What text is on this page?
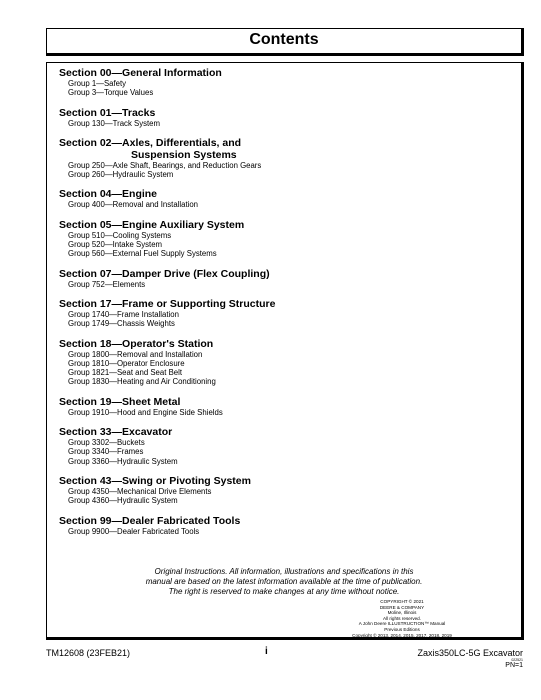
Contents
Section 00—General Information
Group 1—Safety
Group 3—Torque Values
Section 01—Tracks
Group 130—Track System
Section 02—Axles, Differentials, and
Suspension Systems
Group 250—Axle Shaft, Bearings, and Reduction Gears
Group 260—Hydraulic System
Section 04—Engine
Group 400—Removal and Installation
Section 05—Engine Auxiliary System
Group 510—Cooling Systems
Group 520—Intake System
Group 560—External Fuel Supply Systems
Section 07—Damper Drive (Flex Coupling)
Group 752—Elements
Section 17—Frame or Supporting Structure
Group 1740—Frame Installation
Group 1749—Chassis Weights
Section 18—Operator's Station
Group 1800—Removal and Installation
Group 1810—Operator Enclosure
Group 1821—Seat and Seat Belt
Group 1830—Heating and Air Conditioning
Section 19—Sheet Metal
Group 1910—Hood and Engine Side Shields
Section 33—Excavator
Group 3302—Buckets
Group 3340—Frames
Group 3360—Hydraulic System
Section 43—Swing or Pivoting System
Group 4350—Mechanical Drive Elements
Group 4360—Hydraulic System
Section 99—Dealer Fabricated Tools
Group 9900—Dealer Fabricated Tools
Original Instructions. All information, illustrations and specifications in this
manual are based on the latest information available at the time of publication.
The right is reserved to make changes at any time without notice.
COPYRIGHT © 2021
DEERE & COMPANY
Moline, Illinois
All rights reserved.
A John Deere ILLUSTRUCTION™ Manual
Previous Editions
Copyright © 2013, 2014, 2015, 2017, 2018, 2019
TM12608 (23FEB21)	i	Zaxis350LC-5G Excavator
022521
PN=1
